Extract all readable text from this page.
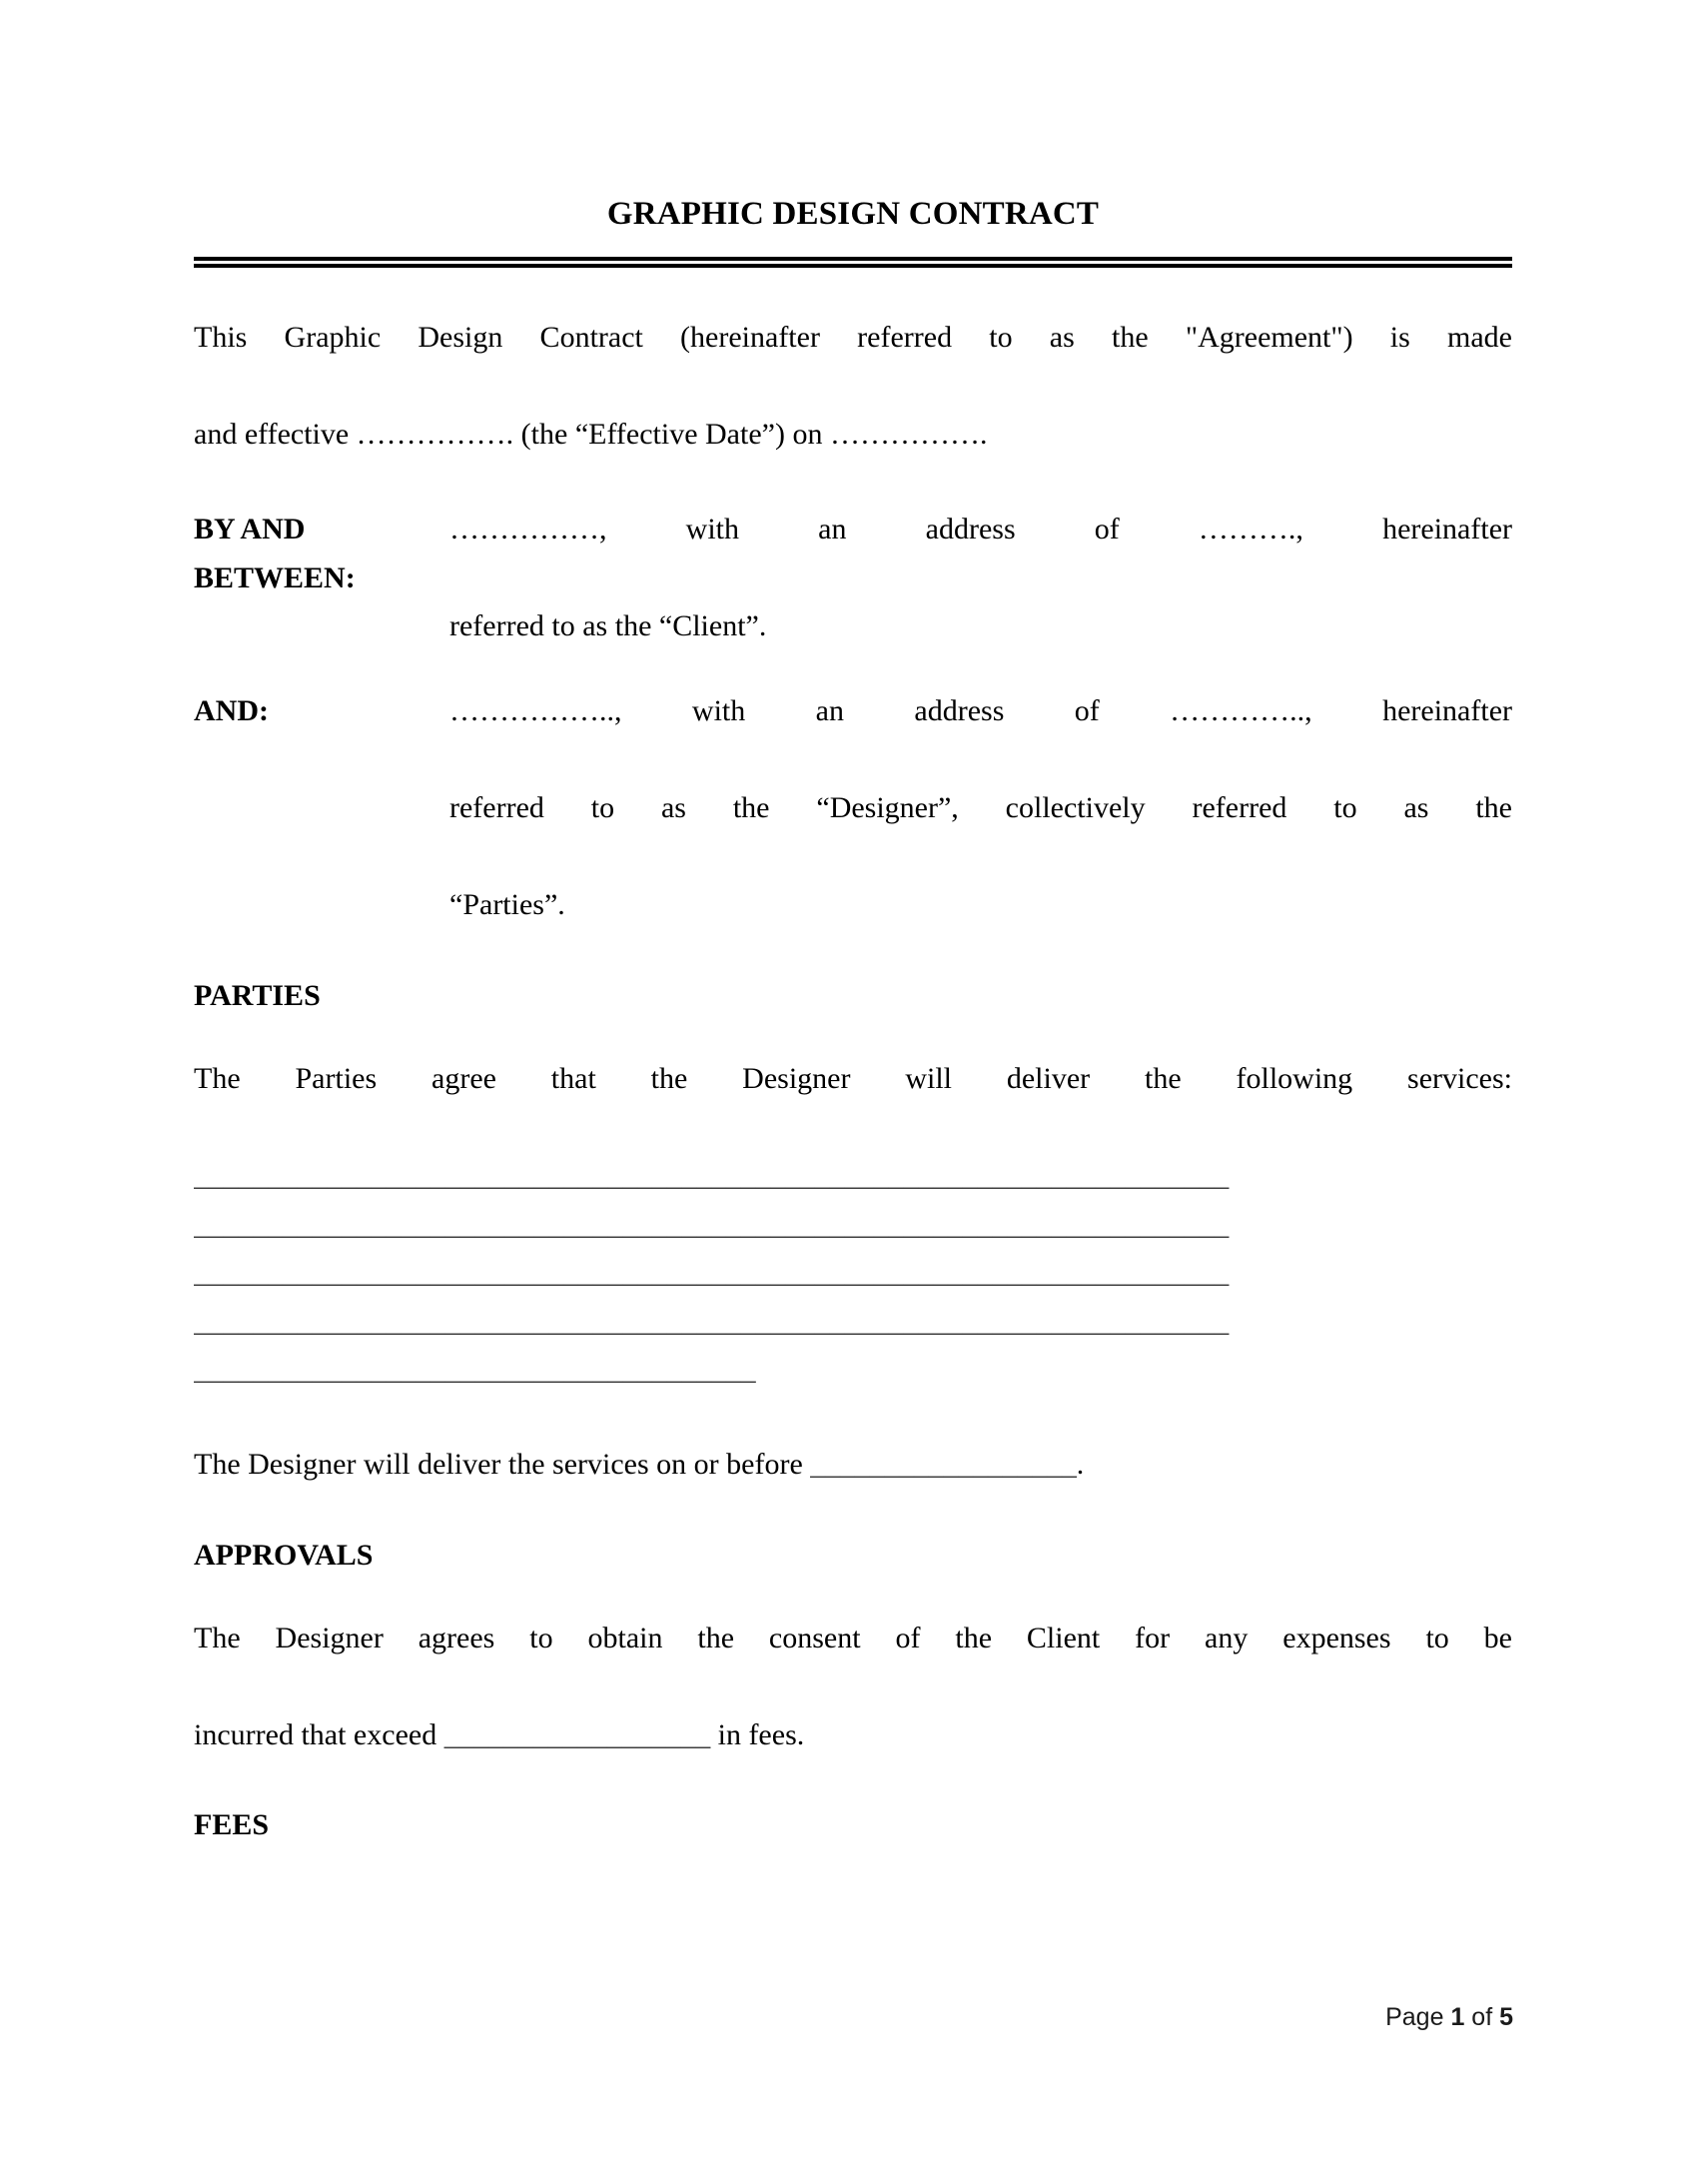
GRAPHIC DESIGN CONTRACT

This Graphic Design Contract (hereinafter referred to as the "Agreement") is made
and effective ……………. (the “Effective Date”) on …………….

BY AND
BETWEEN:
……………, with an address of ………., hereinafter
referred to as the “Client”.
AND:	…………….., with an address of ………….., hereinafter
referred to as the “Designer”, collectively referred to as the
“Parties”.
PARTIES
The Parties agree that the Designer will deliver the following services:
______________________________________________________________________
______________________________________________________________________
______________________________________________________________________
______________________________________________________________________
______________________________________

The Designer will deliver the services on or before __________________.

APPROVALS

The Designer agrees to obtain the consent of the Client for any expenses to be
incurred that exceed __________________ in fees.

FEES
Page 1 of 5
